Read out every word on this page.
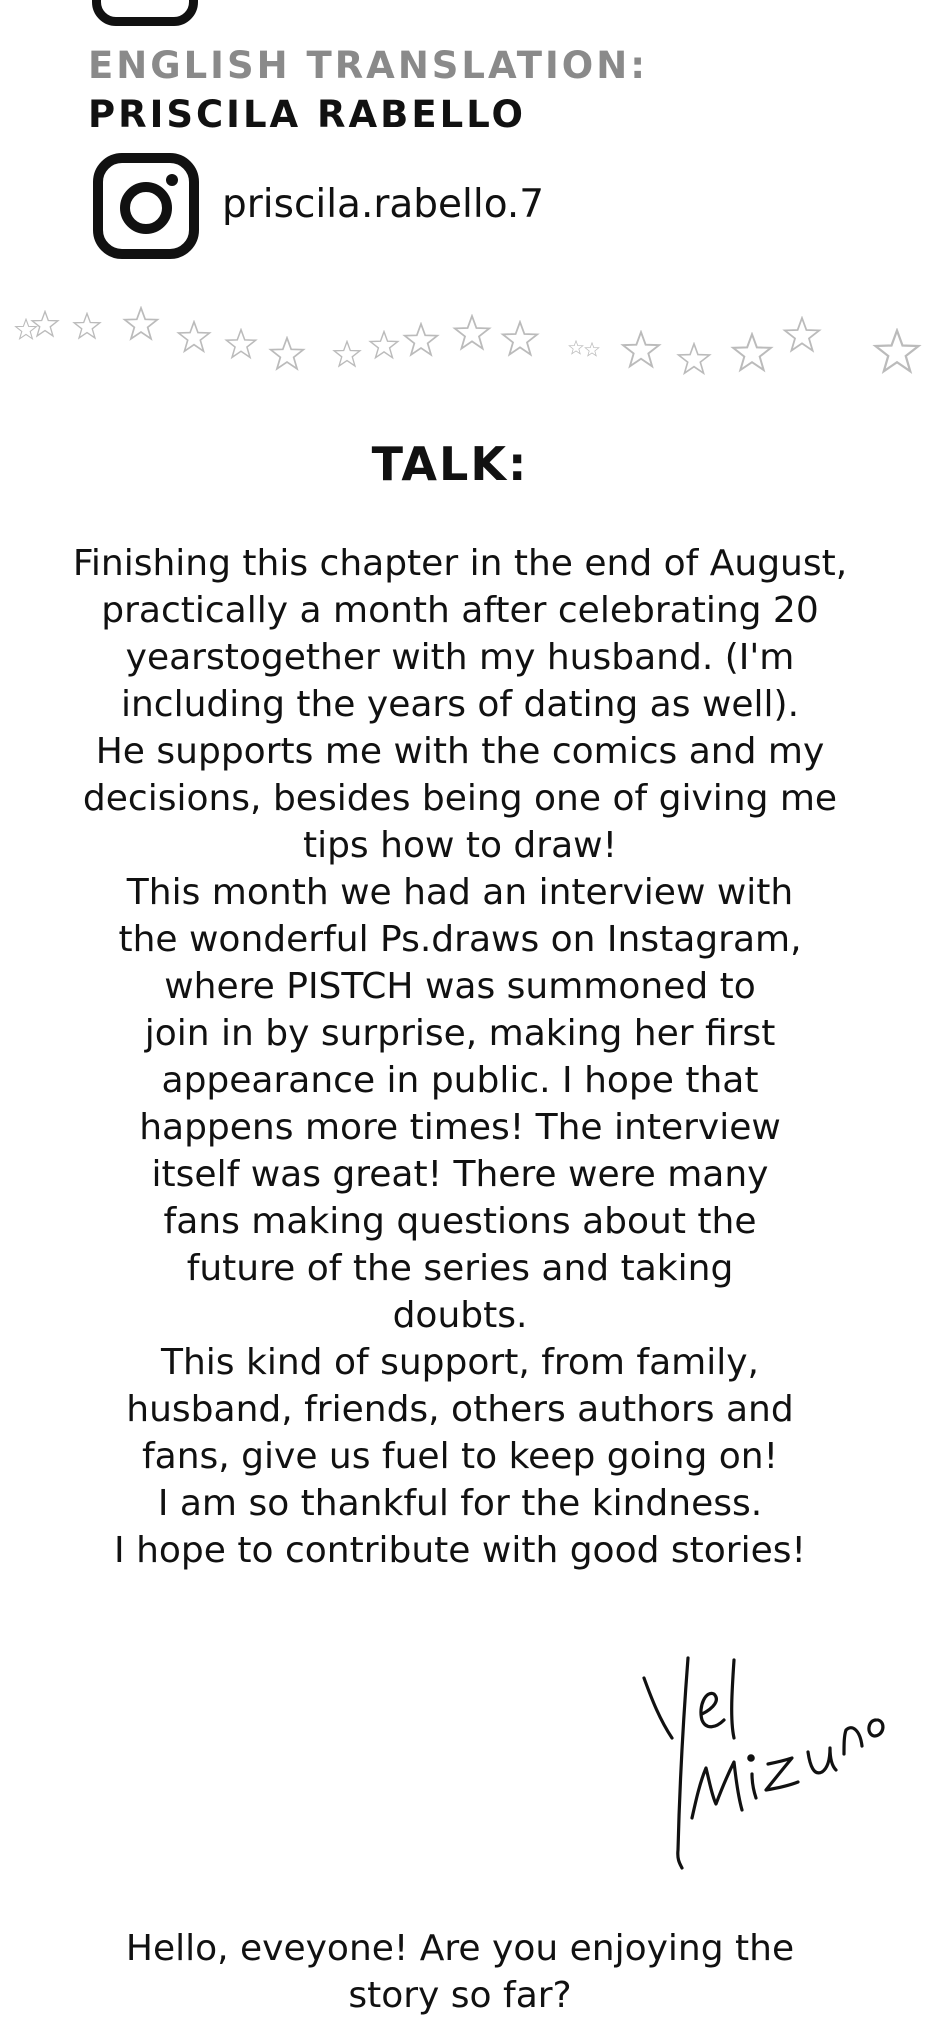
ENGLISH TRANSLATION:
PRISCILA RABELLO
priscila.rabello.7
TALK:
Finishing this chapter in the end of August,
practically a month after celebrating 20
yearstogether with my husband. (I'm
including the years of dating as well).
He supports me with the comics and my
decisions, besides being one of giving me
tips how to draw!
This month we had an interview with
the wonderful Ps.draws on Instagram,
where PISTCH was summoned to
join in by surprise, making her first
appearance in public. I hope that
happens more times! The interview
itself was great! There were many
fans making questions about the
future of the series and taking
doubts.
This kind of support, from family,
husband, friends, others authors and
fans, give us fuel to keep going on!
I am so thankful for the kindness.
I hope to contribute with good stories!
Hello, eveyone! Are you enjoying the
story so far?
